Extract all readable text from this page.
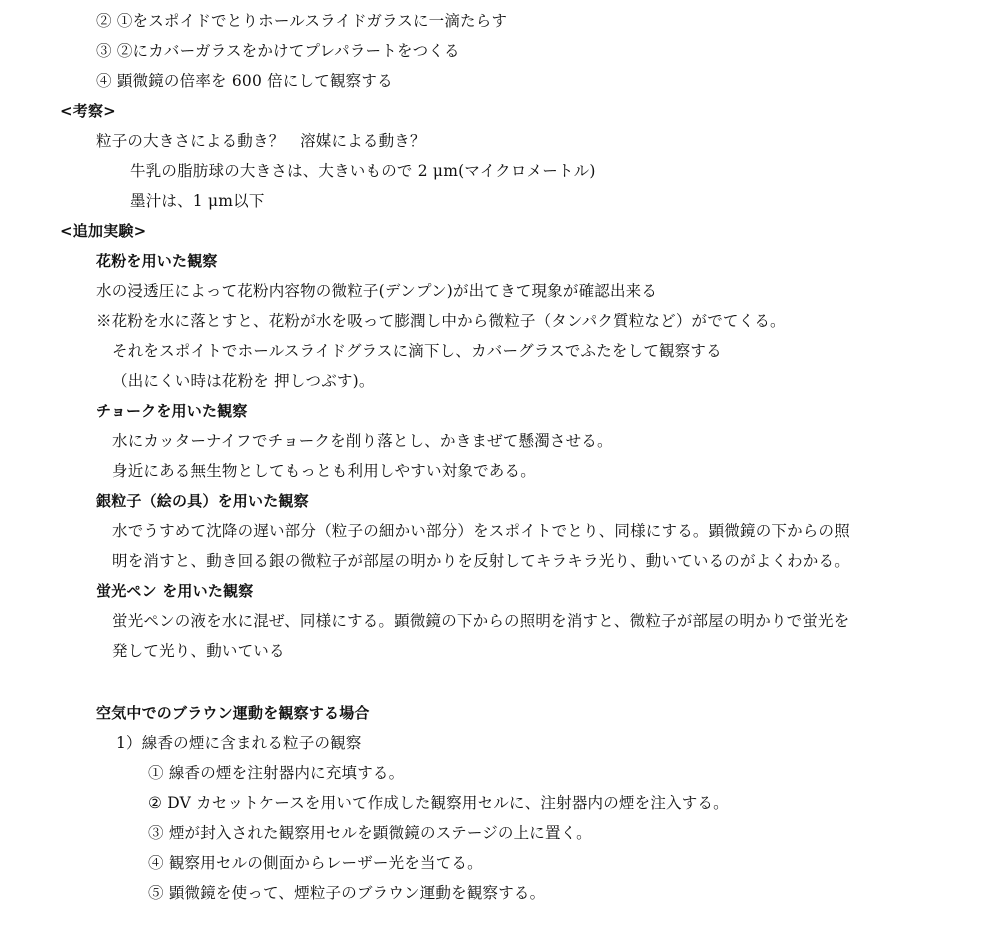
② ①をスポイドでとりホールスライドガラスに一滴たらす
③ ②にカバーガラスをかけてプレパラートをつくる
④ 顕微鏡の倍率を 600 倍にして観察する
<考察>
粒子の大きさによる動き？　溶媒による動き？
牛乳の脂肪球の大きさは、大きいもので 2 μm(マイクロメートル)
墨汁は、1 μm以下
<追加実験>
花粉を用いた観察
水の浸透圧によって花粉内容物の微粒子(デンプン)が出てきて現象が確認出来る
※花粉を水に落とすと、花粉が水を吸って膨潤し中から微粒子（タンパク質粒など）がでてくる。
それをスポイトでホールスライドグラスに滴下し、カバーグラスでふたをして観察する
（出にくい時は花粉を 押しつぶす)。
チョークを用いた観察
水にカッターナイフでチョークを削り落とし、かきまぜて懸濁させる。
身近にある無生物としてもっとも利用しやすい対象である。
銀粒子（絵の具）を用いた観察
水でうすめて沈降の遅い部分（粒子の細かい部分）をスポイトでとり、同様にする。顕微鏡の下からの照
明を消すと、動き回る銀の微粒子が部屋の明かりを反射してキラキラ光り、動いているのがよくわかる。
蛍光ペン を用いた観察
蛍光ペンの液を水に混ぜ、同様にする。顕微鏡の下からの照明を消すと、微粒子が部屋の明かりで蛍光を
発して光り、動いている
空気中でのブラウン運動を観察する場合
1）線香の煙に含まれる粒子の観察
① 線香の煙を注射器内に充填する。
② DV カセットケースを用いて作成した観察用セルに、注射器内の煙を注入する。
③ 煙が封入された観察用セルを顕微鏡のステージの上に置く。
④ 観察用セルの側面からレーザー光を当てる。
⑤ 顕微鏡を使って、煙粒子のブラウン運動を観察する。
